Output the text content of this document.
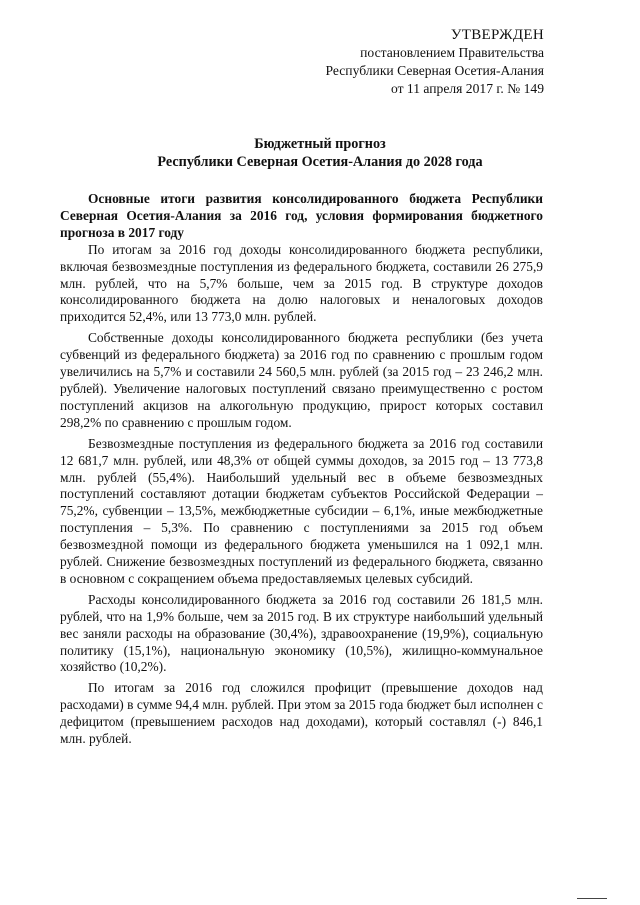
УТВЕРЖДЕН
постановлением Правительства
Республики Северная Осетия-Алания
от 11 апреля 2017 г. № 149
Бюджетный прогноз
Республики Северная Осетия-Алания до 2028 года

Основные итоги развития консолидированного бюджета Республики Северная Осетия-Алания за 2016 год, условия формирования бюджетного прогноза в 2017 году

По итогам за 2016 год доходы консолидированного бюджета республики, включая безвозмездные поступления из федерального бюджета, составили 26 275,9 млн. рублей, что на 5,7% больше, чем за 2015 год. В структуре доходов консолидированного бюджета на долю налоговых и неналоговых доходов приходится 52,4%, или 13 773,0 млн. рублей.

Собственные доходы консолидированного бюджета республики (без учета субвенций из федерального бюджета) за 2016 год по сравнению с прошлым годом увеличились на 5,7% и составили 24 560,5 млн. рублей (за 2015 год – 23 246,2 млн. рублей). Увеличение налоговых поступлений связано преимущественно с ростом поступлений акцизов на алкогольную продукцию, прирост которых составил 298,2% по сравнению с прошлым годом.

Безвозмездные поступления из федерального бюджета за 2016 год составили 12 681,7 млн. рублей, или 48,3% от общей суммы доходов, за 2015 год – 13 773,8 млн. рублей (55,4%). Наибольший удельный вес в объеме безвозмездных поступлений составляют дотации бюджетам субъектов Российской Федерации – 75,2%, субвенции – 13,5%, межбюджетные субсидии – 6,1%, иные межбюджетные поступления – 5,3%. По сравнению с поступлениями за 2015 год объем безвозмездной помощи из федерального бюджета уменьшился на 1 092,1 млн. рублей. Снижение безвозмездных поступлений из федерального бюджета, связанно в основном с сокращением объема предоставляемых целевых субсидий.

Расходы консолидированного бюджета за 2016 год составили 26 181,5 млн. рублей, что на 1,9% больше, чем за 2015 год. В их структуре наибольший удельный вес заняли расходы на образование (30,4%), здравоохранение (19,9%), социальную политику (15,1%), национальную экономику (10,5%), жилищно-коммунальное хозяйство (10,2%).

По итогам за 2016 год сложился профицит (превышение доходов над расходами) в сумме 94,4 млн. рублей. При этом за 2015 года бюджет был исполнен с дефицитом (превышением расходов над доходами), который составлял (-) 846,1 млн. рублей.
